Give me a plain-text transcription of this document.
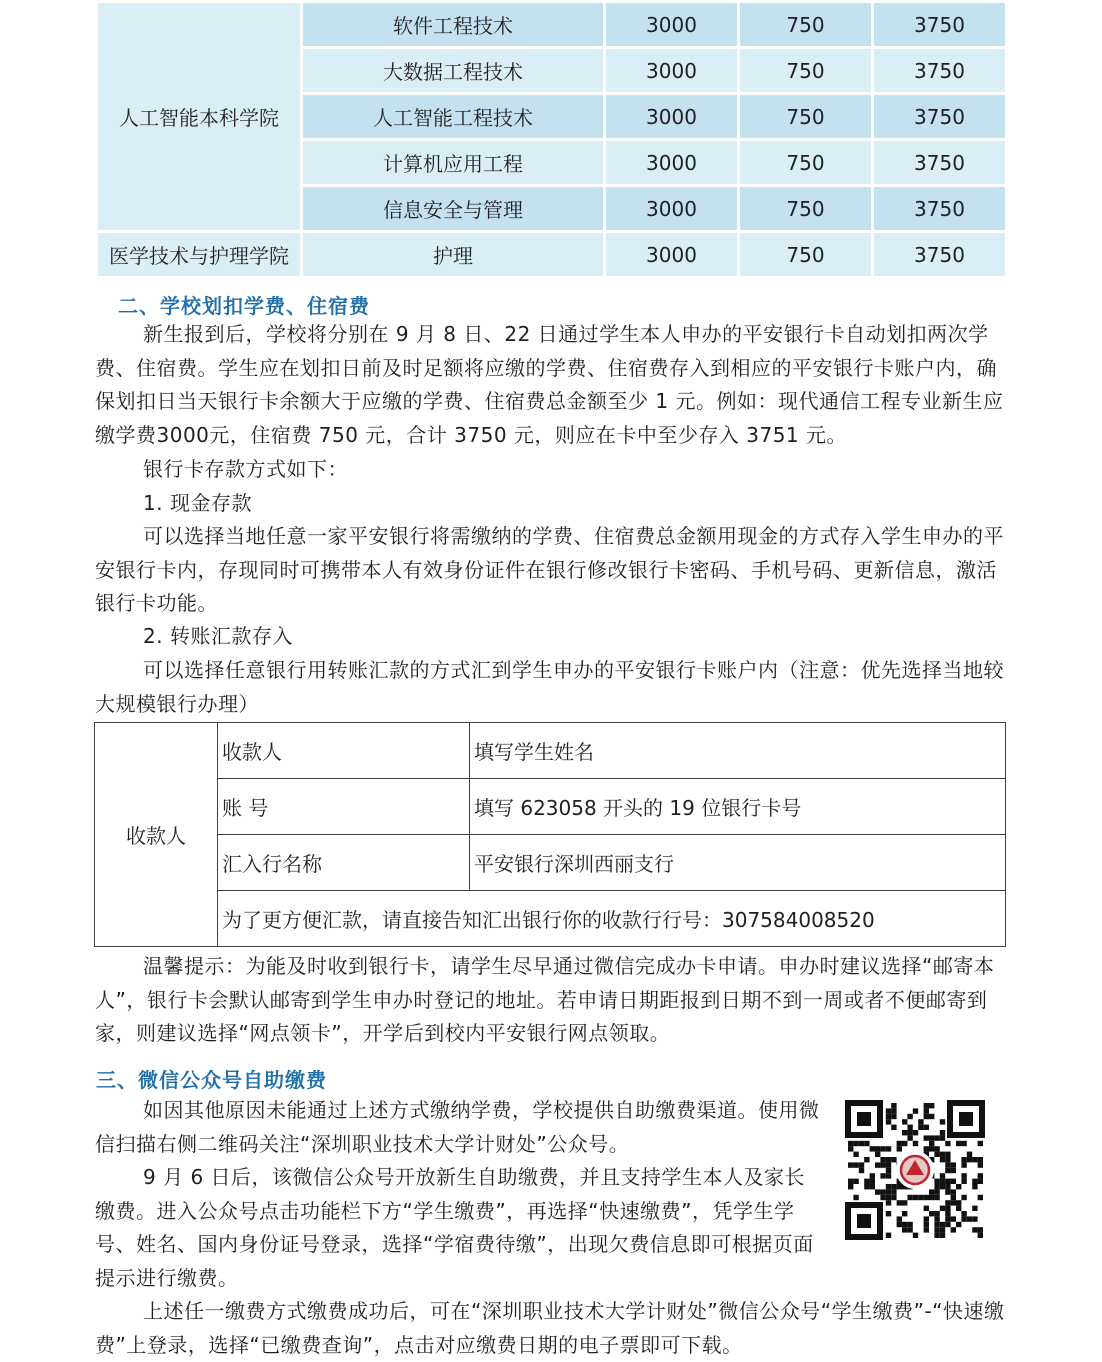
人工智能本科学院	软件工程技术	3000	750	3750
	大数据工程技术	3000	750	3750
	人工智能工程技术	3000	750	3750
	计算机应用工程	3000	750	3750
	信息安全与管理	3000	750	3750
医学技术与护理学院	护理	3000	750	3750
二、学校划扣学费、住宿费

新生报到后，学校将分别在 9 月 8 日、22 日通过学生本人申办的平安银行卡自动划扣两次学费、住宿费。学生应在划扣日前及时足额将应缴的学费、住宿费存入到相应的平安银行卡账户内，确保划扣日当天银行卡余额大于应缴的学费、住宿费总金额至少 1 元。例如：现代通信工程专业新生应缴学费3000元，住宿费 750 元，合计 3750 元，则应在卡中至少存入 3751 元。

银行卡存款方式如下：

1. 现金存款

可以选择当地任意一家平安银行将需缴纳的学费、住宿费总金额用现金的方式存入学生申办的平安银行卡内，存现同时可携带本人有效身份证件在银行修改银行卡密码、手机号码、更新信息，激活银行卡功能。

2. 转账汇款存入

可以选择任意银行用转账汇款的方式汇到学生申办的平安银行卡账户内（注意：优先选择当地较大规模银行办理）

收款人	收款人	填写学生姓名
	账 号	填写 623058 开头的 19 位银行卡号
	汇入行名称	平安银行深圳西丽支行
	为了更方便汇款，请直接告知汇出银行你的收款行行号：307584008520	

温馨提示：为能及时收到银行卡，请学生尽早通过微信完成办卡申请。申办时建议选择“邮寄本人”，银行卡会默认邮寄到学生申办时登记的地址。若申请日期距报到日期不到一周或者不便邮寄到家，则建议选择“网点领卡”，开学后到校内平安银行网点领取。

三、微信公众号自助缴费

如因其他原因未能通过上述方式缴纳学费，学校提供自助缴费渠道。使用微信扫描右侧二维码关注“深圳职业技术大学计财处”公众号。

9 月 6 日后，该微信公众号开放新生自助缴费，并且支持学生本人及家长缴费。进入公众号点击功能栏下方“学生缴费”，再选择“快速缴费”，凭学生学号、姓名、国内身份证号登录，选择“学宿费待缴”，出现欠费信息即可根据页面提示进行缴费。

上述任一缴费方式缴费成功后，可在“深圳职业技术大学计财处”微信公众号“学生缴费”-“快速缴费”上登录，选择“已缴费查询”，点击对应缴费日期的电子票即可下载。
